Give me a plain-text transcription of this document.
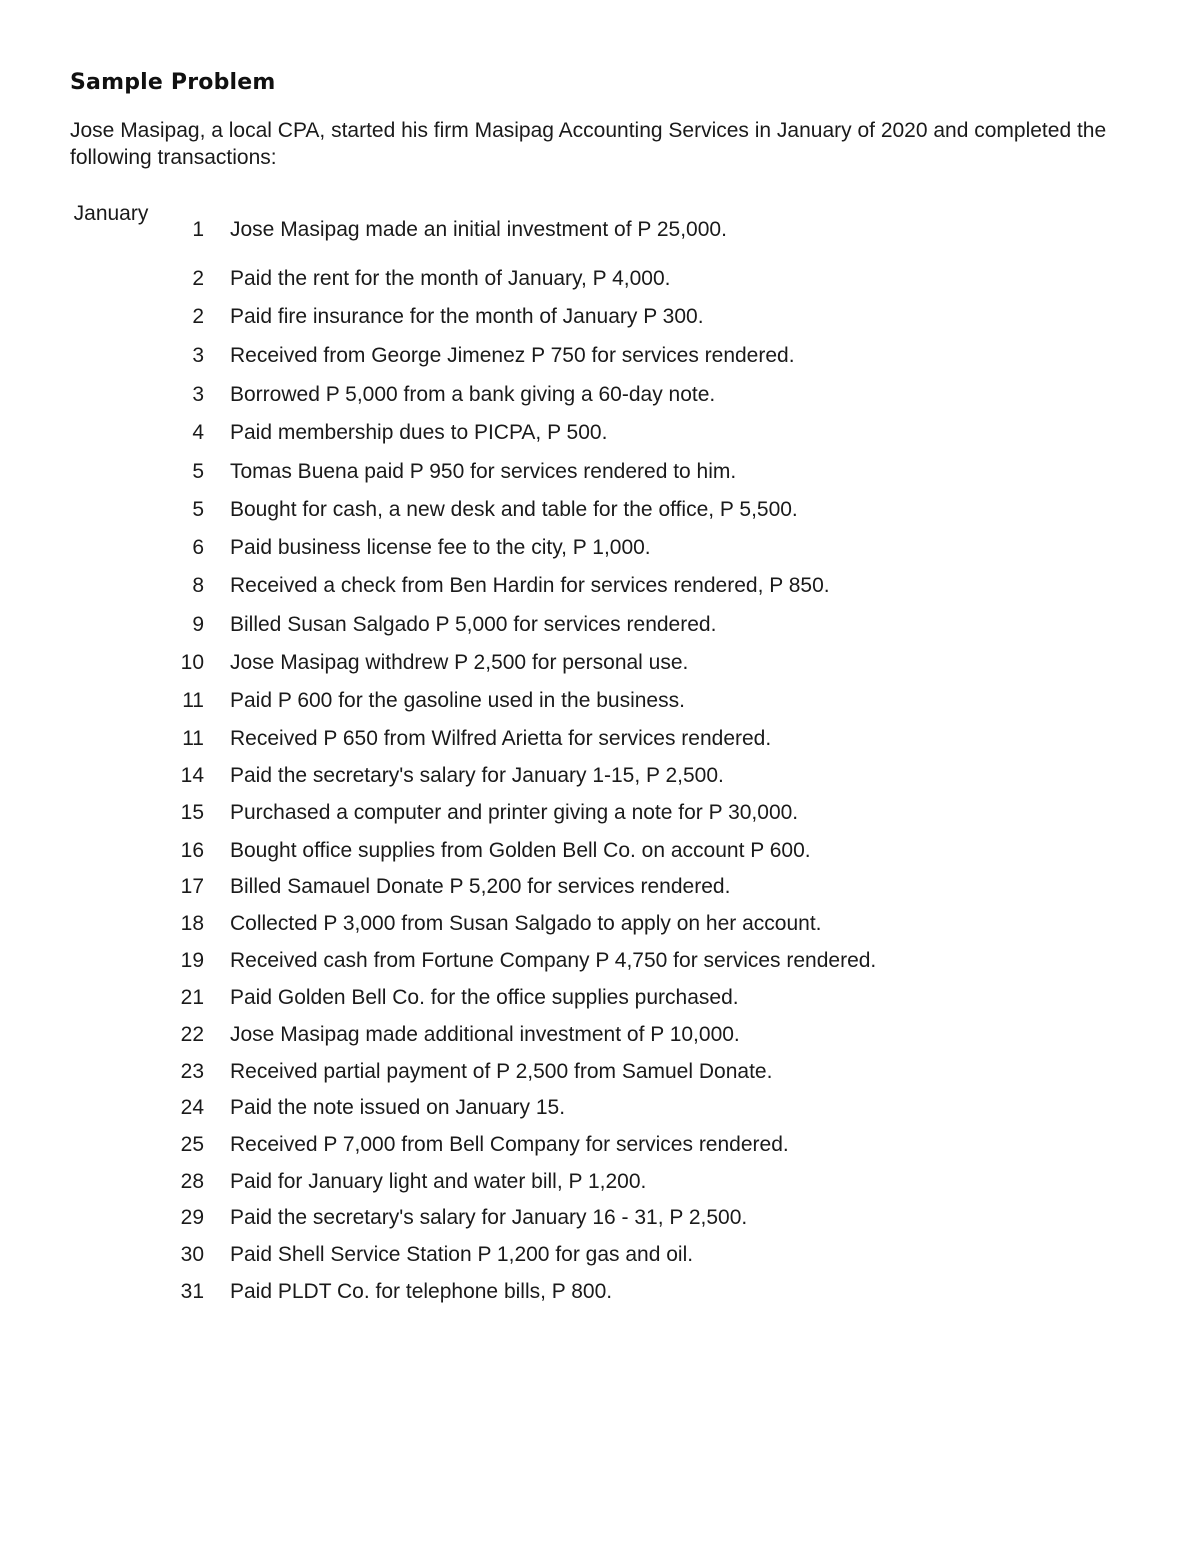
Sample Problem
Jose Masipag, a local CPA, started his firm Masipag Accounting Services in January of 2020 and completed the following transactions:
January
1 Jose Masipag made an initial investment of P 25,000.
2 Paid the rent for the month of January, P 4,000.
2 Paid fire insurance for the month of January P 300.
3 Received from George Jimenez P 750 for services rendered.
3 Borrowed P 5,000 from a bank giving a 60-day note.
4 Paid membership dues to PICPA, P 500.
5 Tomas Buena paid P 950 for services rendered to him.
5 Bought for cash, a new desk and table for the office, P 5,500.
6 Paid business license fee to the city, P 1,000.
8 Received a check from Ben Hardin for services rendered, P 850.
9 Billed Susan Salgado P 5,000 for services rendered.
10 Jose Masipag withdrew P 2,500 for personal use.
11 Paid P 600 for the gasoline used in the business.
11 Received P 650 from Wilfred Arietta for services rendered.
14 Paid the secretary's salary for January 1-15, P 2,500.
15 Purchased a computer and printer giving a note for P 30,000.
16 Bought office supplies from Golden Bell Co. on account P 600.
17 Billed Samauel Donate P 5,200 for services rendered.
18 Collected P 3,000 from Susan Salgado to apply on her account.
19 Received cash from Fortune Company P 4,750 for services rendered.
21 Paid Golden Bell Co. for the office supplies purchased.
22 Jose Masipag made additional investment of P 10,000.
23 Received partial payment of P 2,500 from Samuel Donate.
24 Paid the note issued on January 15.
25 Received P 7,000 from Bell Company for services rendered.
28 Paid for January light and water bill, P 1,200.
29 Paid the secretary's salary for January 16 - 31, P 2,500.
30 Paid Shell Service Station P 1,200 for gas and oil.
31 Paid PLDT Co. for telephone bills, P 800.
